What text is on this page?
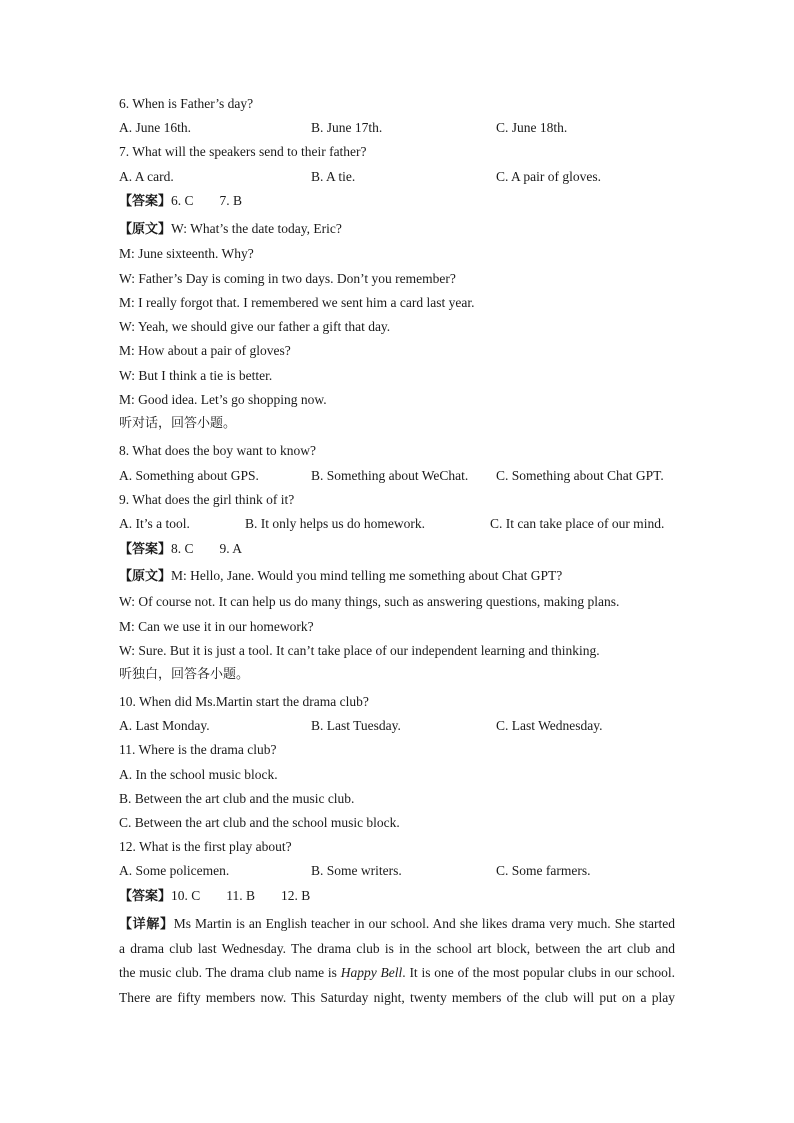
6. When is Father’s day?
A. June 16th.	B. June 17th.	C. June 18th.
7. What will the speakers send to their father?
A. A card.	B. A tie.	C. A pair of gloves.
【答案】6. C 7. B
【原文】W: What’s the date today, Eric?
M: June sixteenth. Why?
W: Father’s Day is coming in two days. Don’t you remember?
M: I really forgot that. I remembered we sent him a card last year.
W: Yeah, we should give our father a gift that day.
M: How about a pair of gloves?
W: But I think a tie is better.
M: Good idea. Let’s go shopping now.
听对话，回答小题。
8. What does the boy want to know?
A. Something about GPS.	B. Something about WeChat. C. Something about Chat GPT.
9. What does the girl think of it?
A. It’s a tool.	B. It only helps us do homework.	C. It can take place of our mind.
【答案】8. C 9. A
【原文】M: Hello, Jane. Would you mind telling me something about Chat GPT?
W: Of course not. It can help us do many things, such as answering questions, making plans.
M: Can we use it in our homework?
W: Sure. But it is just a tool. It can’t take place of our independent learning and thinking.
听独白，回答各小题。
10. When did Ms.Martin start the drama club?
A. Last Monday.	B. Last Tuesday.	C. Last Wednesday.
11. Where is the drama club?
A. In the school music block.
B. Between the art club and the music club.
C. Between the art club and the school music block.
12. What is the first play about?
A. Some policemen.	B. Some writers.	C. Some farmers.
【答案】10. C 11. B 12. B
【详解】Ms Martin is an English teacher in our school. And she likes drama very much. She started
a drama club last Wednesday. The drama club is in the school art block, between the art club and
the music club. The drama club name is Happy Bell. It is one of the most popular clubs in our school.
There are fifty members now. This Saturday night, twenty members of the club will put on a play
